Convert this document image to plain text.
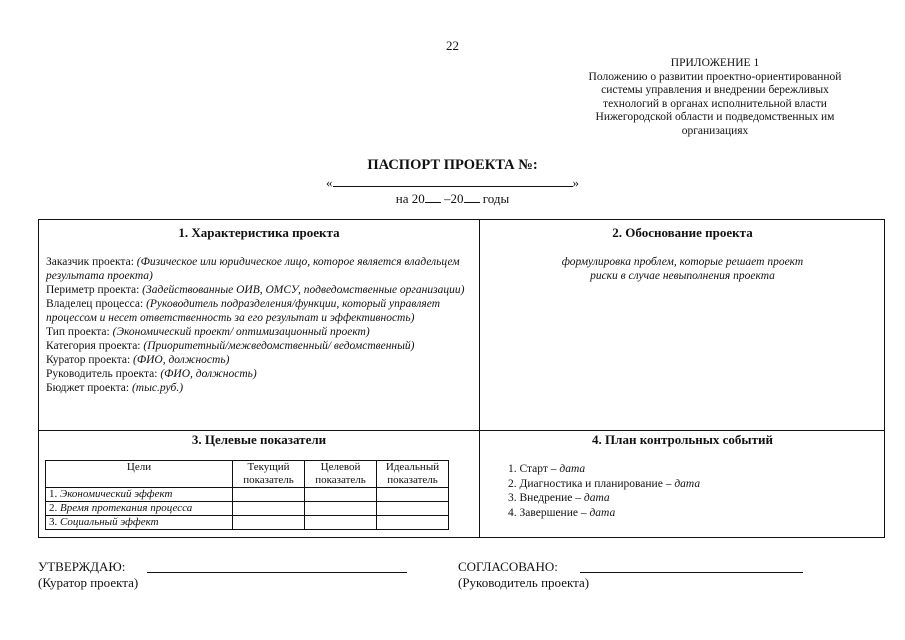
22
ПРИЛОЖЕНИЕ 1
Положению о развитии проектно-ориентированной
системы управления и внедрении бережливых
технологий в органах исполнительной власти
Нижегородской области и подведомственных им
организациях
ПАСПОРТ ПРОЕКТА №:
«	»
на 20 –20 годы
1. Характеристика проекта
Заказчик проекта: (Физическое или юридическое лицо, которое является владельцем результата проекта)
Периметр проекта: (Задействованные ОИВ, ОМСУ, подведомственные организации)
Владелец процесса: (Руководитель подразделения/функции, который управляет процессом и несет ответственность за его результат и эффективность)
Тип проекта: (Экономический проект/ оптимизационный проект)
Категория проекта: (Приоритетный/межведомственный/ ведомственный)
Куратор проекта: (ФИО, должность)
Руководитель проекта: (ФИО, должность)
Бюджет проекта: (тыс.руб.)
2. Обоснование проекта
формулировка проблем, которые решает проект
риски в случае невыполнения проекта
3. Целевые показатели
Цели	Текущий показатель	Целевой показатель	Идеальный показатель
1. Экономический эффект			
2. Время протекания процесса			
3. Социальный эффект			
4. План контрольных событий
1. Старт – дата
2. Диагностика и планирование – дата
3. Внедрение – дата
4. Завершение – дата
УТВЕРЖДАЮ:
(Куратор проекта)
СОГЛАСОВАНО:
(Руководитель проекта)
